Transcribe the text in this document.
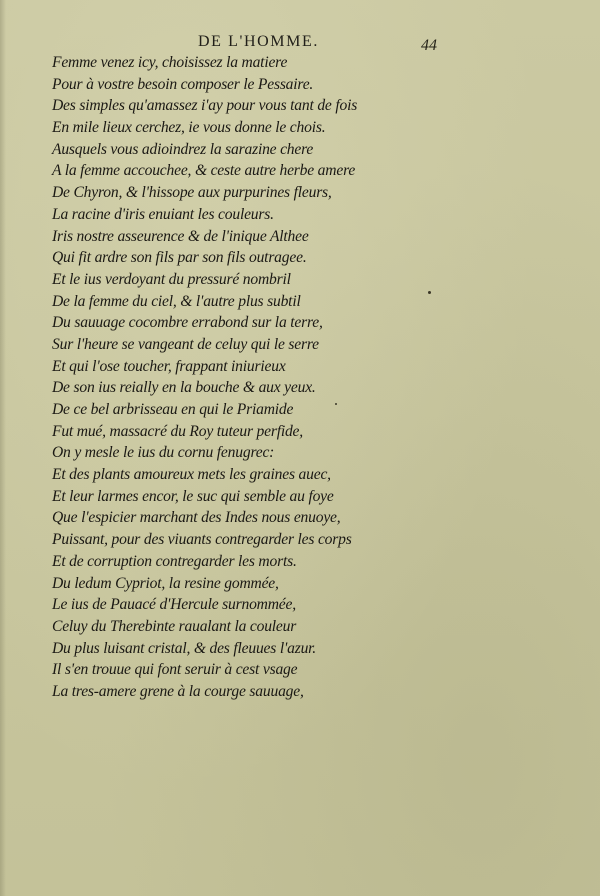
DE L'HOMME.	44
Femme venez icy, choisissez la matiere
Pour à vostre besoin composer le Pessaire.
Des simples qu'amassez i'ay pour vous tant de fois
En mile lieux cerchez, ie vous donne le chois.
Ausquels vous adioindrez la sarazine chere
A la femme accouchee, & ceste autre herbe amere
De Chyron, & l'hissope aux purpurines fleurs,
La racine d'iris enuiant les couleurs.
Iris nostre asseurence & de l'inique Althee
Qui fit ardre son fils par son fils outragee.
Et le ius verdoyant du pressuré nombril
De la femme du ciel, & l'autre plus subtil
Du sauuage cocombre errabond sur la terre,
Sur l'heure se vangeant de celuy qui le serre
Et qui l'ose toucher, frappant iniurieux
De son ius reially en la bouche & aux yeux.
De ce bel arbrisseau en qui le Priamide
Fut mué, massacré du Roy tuteur perfide,
On y mesle le ius du cornu fenugrec:
Et des plants amoureux mets les graines auec,
Et leur larmes encor, le suc qui semble au foye
Que l'espicier marchant des Indes nous enuoye,
Puissant, pour des viuants contregarder les corps
Et de corruption contregarder les morts.
Du ledum Cypriot, la resine gommée,
Le ius de Pauacé d'Hercule surnommée,
Celuy du Therebinte raualant la couleur
Du plus luisant cristal, & des fleuues l'azur.
Il s'en trouue qui font seruir à cest vsage
La tres-amere grene à la courge sauuage,
